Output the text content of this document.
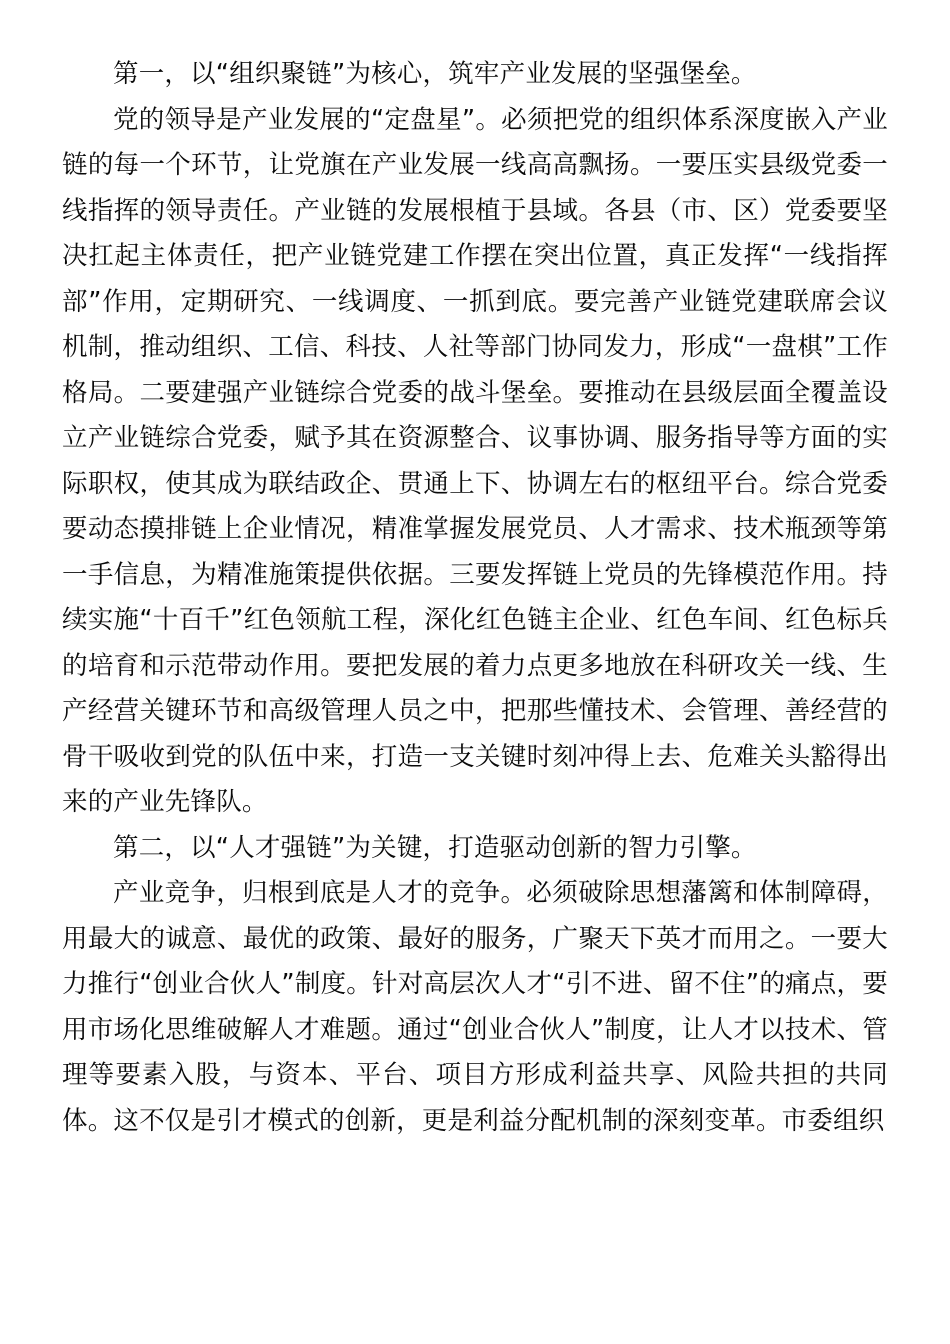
第一，以“组织聚链”为核心，筑牢产业发展的坚强堡垒。

党的领导是产业发展的“定盘星”。必须把党的组织体系深度嵌入产业链的每一个环节，让党旗在产业发展一线高高飘扬。一要压实县级党委一线指挥的领导责任。产业链的发展根植于县域。各县（市、区）党委要坚决扛起主体责任，把产业链党建工作摆在突出位置，真正发挥“一线指挥部”作用，定期研究、一线调度、一抓到底。要完善产业链党建联席会议机制，推动组织、工信、科技、人社等部门协同发力，形成“一盘棋”工作格局。二要建强产业链综合党委的战斗堡垒。要推动在县级层面全覆盖设立产业链综合党委，赋予其在资源整合、议事协调、服务指导等方面的实际职权，使其成为联结政企、贯通上下、协调左右的枢纽平台。综合党委要动态摸排链上企业情况，精准掌握发展党员、人才需求、技术瓶颈等第一手信息，为精准施策提供依据。三要发挥链上党员的先锋模范作用。持续实施“十百千”红色领航工程，深化红色链主企业、红色车间、红色标兵的培育和示范带动作用。要把发展的着力点更多地放在科研攻关一线、生产经营关键环节和高级管理人员之中，把那些懂技术、会管理、善经营的骨干吸收到党的队伍中来，打造一支关键时刻冲得上去、危难关头豁得出来的产业先锋队。

第二，以“人才强链”为关键，打造驱动创新的智力引擎。

产业竞争，归根到底是人才的竞争。必须破除思想藩篱和体制障碍，用最大的诚意、最优的政策、最好的服务，广聚天下英才而用之。一要大力推行“创业合伙人”制度。针对高层次人才“引不进、留不住”的痛点，要用市场化思维破解人才难题。通过“创业合伙人”制度，让人才以技术、管理等要素入股，与资本、平台、项目方形成利益共享、风险共担的共同体。这不仅是引才模式的创新，更是利益分配机制的深刻变革。市委组织
